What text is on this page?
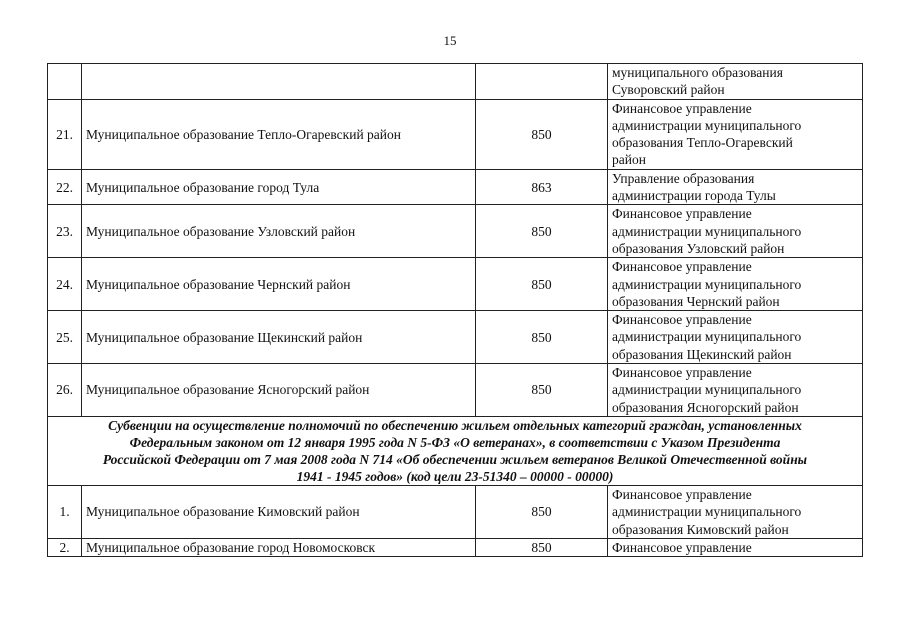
15

			муниципального образования
Суворовский район

21.	Муниципальное образование Тепло-Огаревский район	850	Финансовое управление
администрации муниципального
образования Тепло-Огаревский
район

22.	Муниципальное образование город Тула	863	Управление образования
администрации города Тулы

23.	Муниципальное образование Узловский район	850	Финансовое управление
администрации муниципального
образования Узловский район

24.	Муниципальное образование Чернский район	850	Финансовое управление
администрации муниципального
образования Чернский район

25.	Муниципальное образование Щекинский район	850	Финансовое управление
администрации муниципального
образования Щекинский район

26.	Муниципальное образование Ясногорский район	850	Финансовое управление
администрации муниципального
образования Ясногорский район

Субвенции на осуществление полномочий по обеспечению жильем отдельных категорий граждан, установленных
Федеральным законом от 12 января 1995 года N 5-ФЗ «О ветеранах», в соответствии с Указом Президента
Российской Федерации от 7 мая 2008 года N 714 «Об обеспечении жильем ветеранов Великой Отечественной войны
1941 - 1945 годов» (код цели 23-51340 – 00000 - 00000)			

1.	Муниципальное образование Кимовский район	850	Финансовое управление
администрации муниципального
образования Кимовский район

2.	Муниципальное образование город Новомосковск	850	Финансовое управление
